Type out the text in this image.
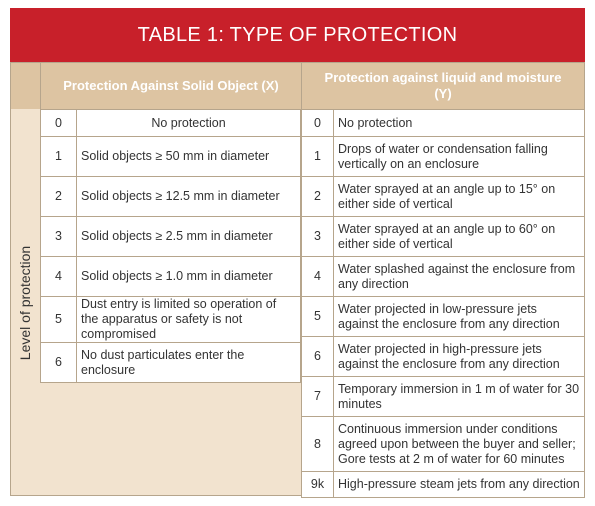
TABLE 1: TYPE OF PROTECTION
Protection Against Solid Object (X)
Protection against liquid and moisture (Y)
Level of protection
0	No protection
1	Solid objects ≥ 50 mm in diameter
2	Solid objects ≥ 12.5 mm in diameter
3	Solid objects ≥ 2.5 mm in diameter
4	Solid objects ≥ 1.0 mm in diameter
5	Dust entry is limited so operation of the apparatus or safety is not compromised
6	No dust particulates enter the enclosure
0	No protection
1	Drops of water or condensation falling vertically on an enclosure
2	Water sprayed at an angle up to 15° on either side of vertical
3	Water sprayed at an angle up to 60° on either side of vertical
4	Water splashed against the enclosure from any direction
5	Water projected in low-pressure jets against the enclosure from any direction
6	Water projected in high-pressure jets against the enclosure from any direction
7	Temporary immersion in 1 m of water for 30 minutes
8	Continuous immersion under conditions agreed upon between the buyer and seller; Gore tests at 2 m of water for 60 minutes
9k	High-pressure steam jets from any direction
